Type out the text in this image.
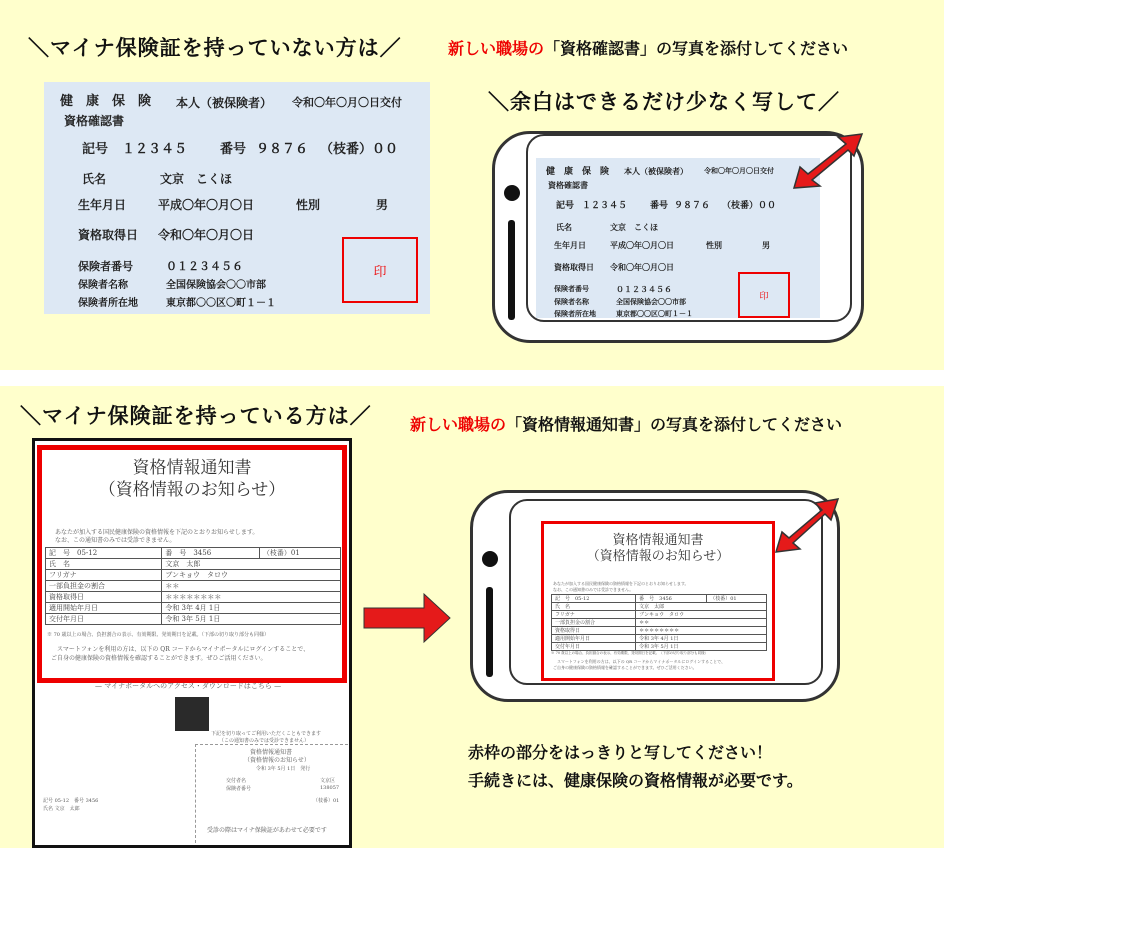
＼マイナ保険証を持っていない方は／	新しい職場の「資格確認書」の写真を添付してください
＼余白はできるだけ少なく写して／
健　康　保　険 本人（被保険者） 令和〇年〇月〇日交付
資格確認書
記号 １２３４５	番号 ９８７６ （枝番）００
氏名	文京　こくほ
生年月日	平成〇年〇月〇日	性別	男
資格取得日 令和〇年〇月〇日
保険者番号	０１２３４５６
保険者名称	全国保険協会〇〇市部
保険者所在地	東京都〇〇区〇町１－１
印
健　康　保　険 本人（被保険者） 令和〇年〇月〇日交付
資格確認書
記号 １２３４５	番号 ９８７６ （枝番）００
氏名	文京　こくほ
生年月日	平成〇年〇月〇日	性別	男
資格取得日 令和〇年〇月〇日
保険者番号	０１２３４５６
保険者名称	全国保険協会〇〇市部
保険者所在地	東京都〇〇区〇町１－１
印
＼マイナ保険証を持っている方は／ 新しい職場の「資格情報通知書」の写真を添付してください
資格情報通知書
（資格情報のお知らせ）
あなたが加入する国民健康保険の資格情報を下記のとおりお知らせします。
なお、この通知書のみでは受診できません。
記　号　05-12	番　号　3456	（枝番）01
氏　名	文京　太郎	
フリガナ	ブンキョウ　タロウ	
一部負担金の割合	＊＊	
資格取得日	＊＊＊＊＊＊＊＊	
適用開始年月日	令和 3年 4月 1日	
交付年月日	令和 3年 5月 1日	
※ 70 歳以上の場合、負担割合の表示、有効期限、発効期日を記載。（下部の切り取り部分も同様）
スマートフォンを利用の方は、以下の QR コードからマイナポータルにログインすることで、
ご自身の健康保険の資格情報を確認することができます。ぜひご活用ください。
— マイナポータルへのアクセス・ダウンロードはこちら —
下記を切り取ってご利用いただくこともできます
（この通知書のみでは受診できません）
資格情報通知書
（資格情報のお知らせ）
令和 3年 5月 1日　発行
交付者名	文京区
保険者番号	138057
記号 05-12　番号 3456	（枝番）01
氏名 文京　太郎
受診の際はマイナ保険証があわせて必要です
資格情報通知書
（資格情報のお知らせ）
あなたが加入する国民健康保険の資格情報を下記のとおりお知らせします。
なお、この通知書のみでは受診できません。
記　号　05-12	番　号　3456	（枝番）01
氏　名	文京　太郎	
フリガナ	ブンキョウ　タロウ	
一部負担金の割合	＊＊	
資格取得日	＊＊＊＊＊＊＊＊	
適用開始年月日	令和 3年 4月 1日	
交付年月日	令和 3年 5月 1日	
※ 70 歳以上の場合、負担割合の表示、有効期限、発効期日を記載。（下部の切り取り部分も同様）
スマートフォンを利用の方は、以下の QR コードからマイナポータルにログインすることで、
ご自身の健康保険の資格情報を確認することができます。ぜひご活用ください。
赤枠の部分をはっきりと写してください！
手続きには、健康保険の資格情報が必要です。
